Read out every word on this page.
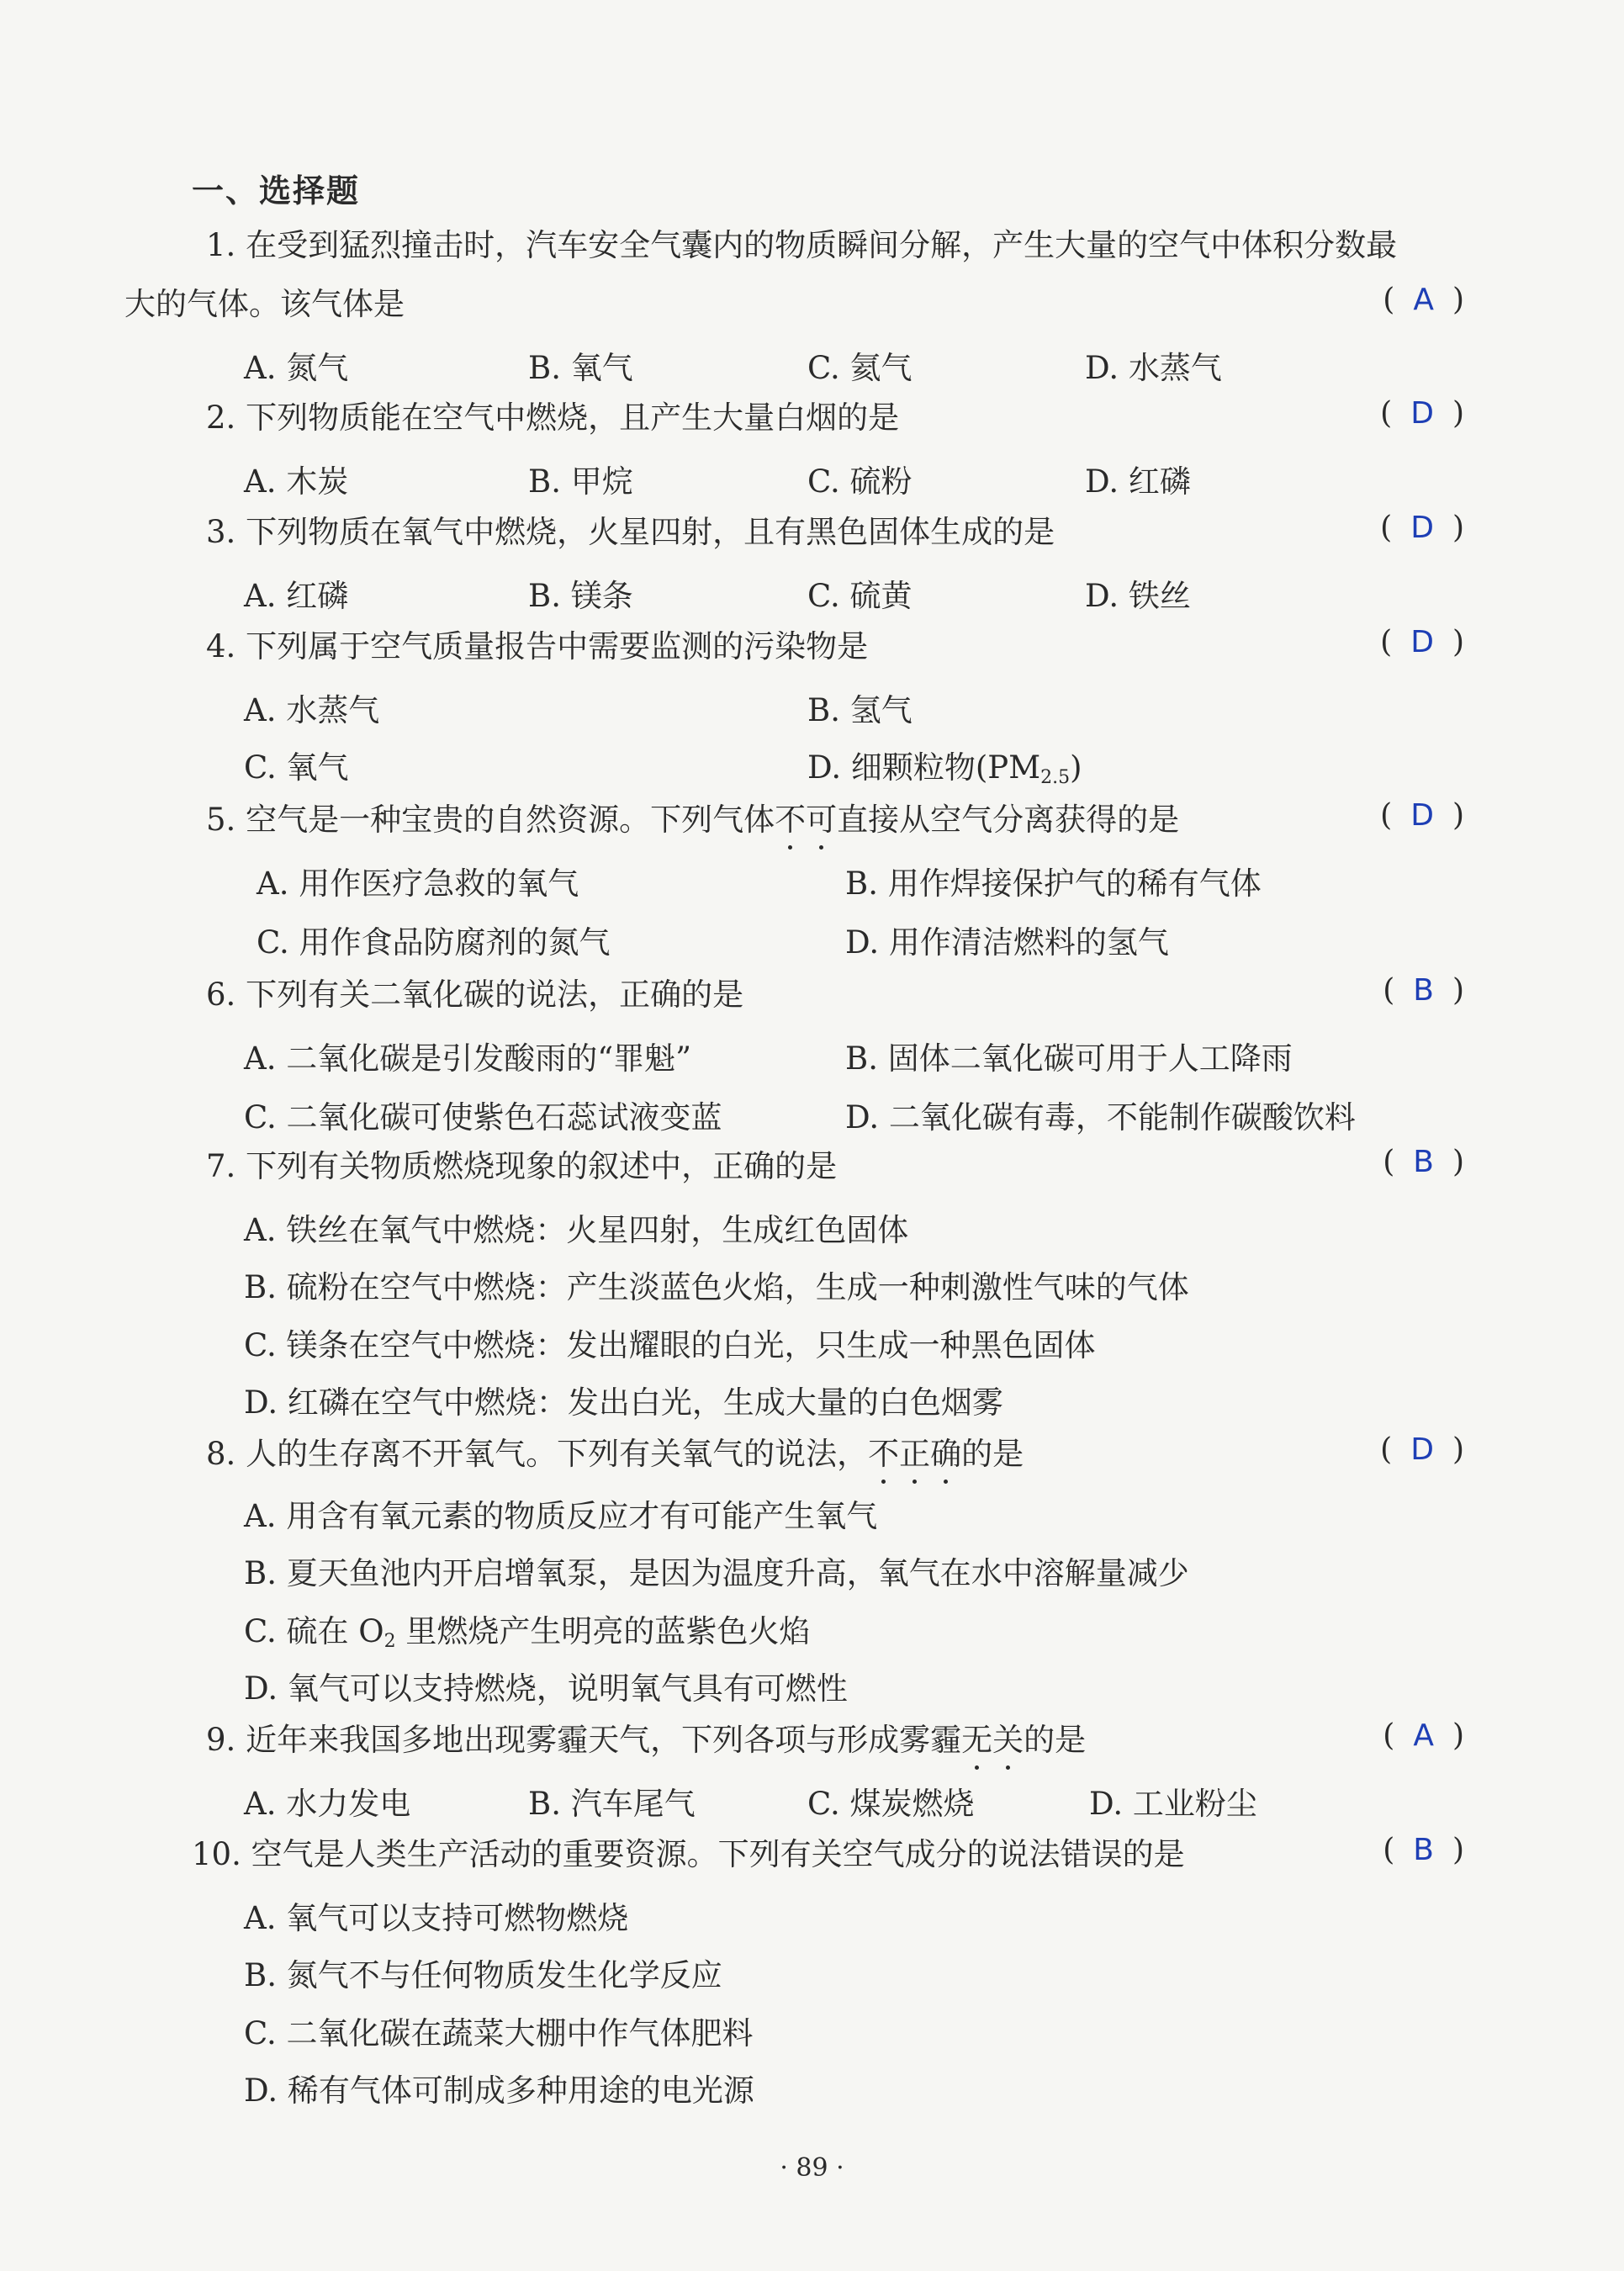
一、选择题
1. 在受到猛烈撞击时，汽车安全气囊内的物质瞬间分解，产生大量的空气中体积分数最
大的气体。该气体是	( A )
A. 氮气	B. 氧气	C. 氦气	D. 水蒸气
2. 下列物质能在空气中燃烧，且产生大量白烟的是	( D )
A. 木炭	B. 甲烷	C. 硫粉	D. 红磷
3. 下列物质在氧气中燃烧，火星四射，且有黑色固体生成的是	( D )
A. 红磷	B. 镁条	C. 硫黄	D. 铁丝
4. 下列属于空气质量报告中需要监测的污染物是	( D )
A. 水蒸气	B. 氢气
C. 氧气	D. 细颗粒物$(PM_{2.5})$
5. 空气是一种宝贵的自然资源。下列气体不可直接从空气分离获得的是	( D )
A. 用作医疗急救的氧气	B. 用作焊接保护气的稀有气体
C. 用作食品防腐剂的氮气	D. 用作清洁燃料的氢气
6. 下列有关二氧化碳的说法，正确的是	( B )
A. 二氧化碳是引发酸雨的“罪魁”	B. 固体二氧化碳可用于人工降雨
C. 二氧化碳可使紫色石蕊试液变蓝	D. 二氧化碳有毒，不能制作碳酸饮料
7. 下列有关物质燃烧现象的叙述中，正确的是	( B )
A. 铁丝在氧气中燃烧：火星四射，生成红色固体
B. 硫粉在空气中燃烧：产生淡蓝色火焰，生成一种刺激性气味的气体
C. 镁条在空气中燃烧：发出耀眼的白光，只生成一种黑色固体
D. 红磷在空气中燃烧：发出白光，生成大量的白色烟雾
8. 人的生存离不开氧气。下列有关氧气的说法，不正确的是	( D )
A. 用含有氧元素的物质反应才有可能产生氧气
B. 夏天鱼池内开启增氧泵，是因为温度升高，氧气在水中溶解量减少
C. 硫在 $O_2$ 里燃烧产生明亮的蓝紫色火焰
D. 氧气可以支持燃烧，说明氧气具有可燃性
9. 近年来我国多地出现雾霾天气，下列各项与形成雾霾无关的是	( A )
A. 水力发电	B. 汽车尾气	C. 煤炭燃烧	D. 工业粉尘
10. 空气是人类生产活动的重要资源。下列有关空气成分的说法错误的是	( B )
A. 氧气可以支持可燃物燃烧
B. 氮气不与任何物质发生化学反应
C. 二氧化碳在蔬菜大棚中作气体肥料
D. 稀有气体可制成多种用途的电光源
· 89 ·
